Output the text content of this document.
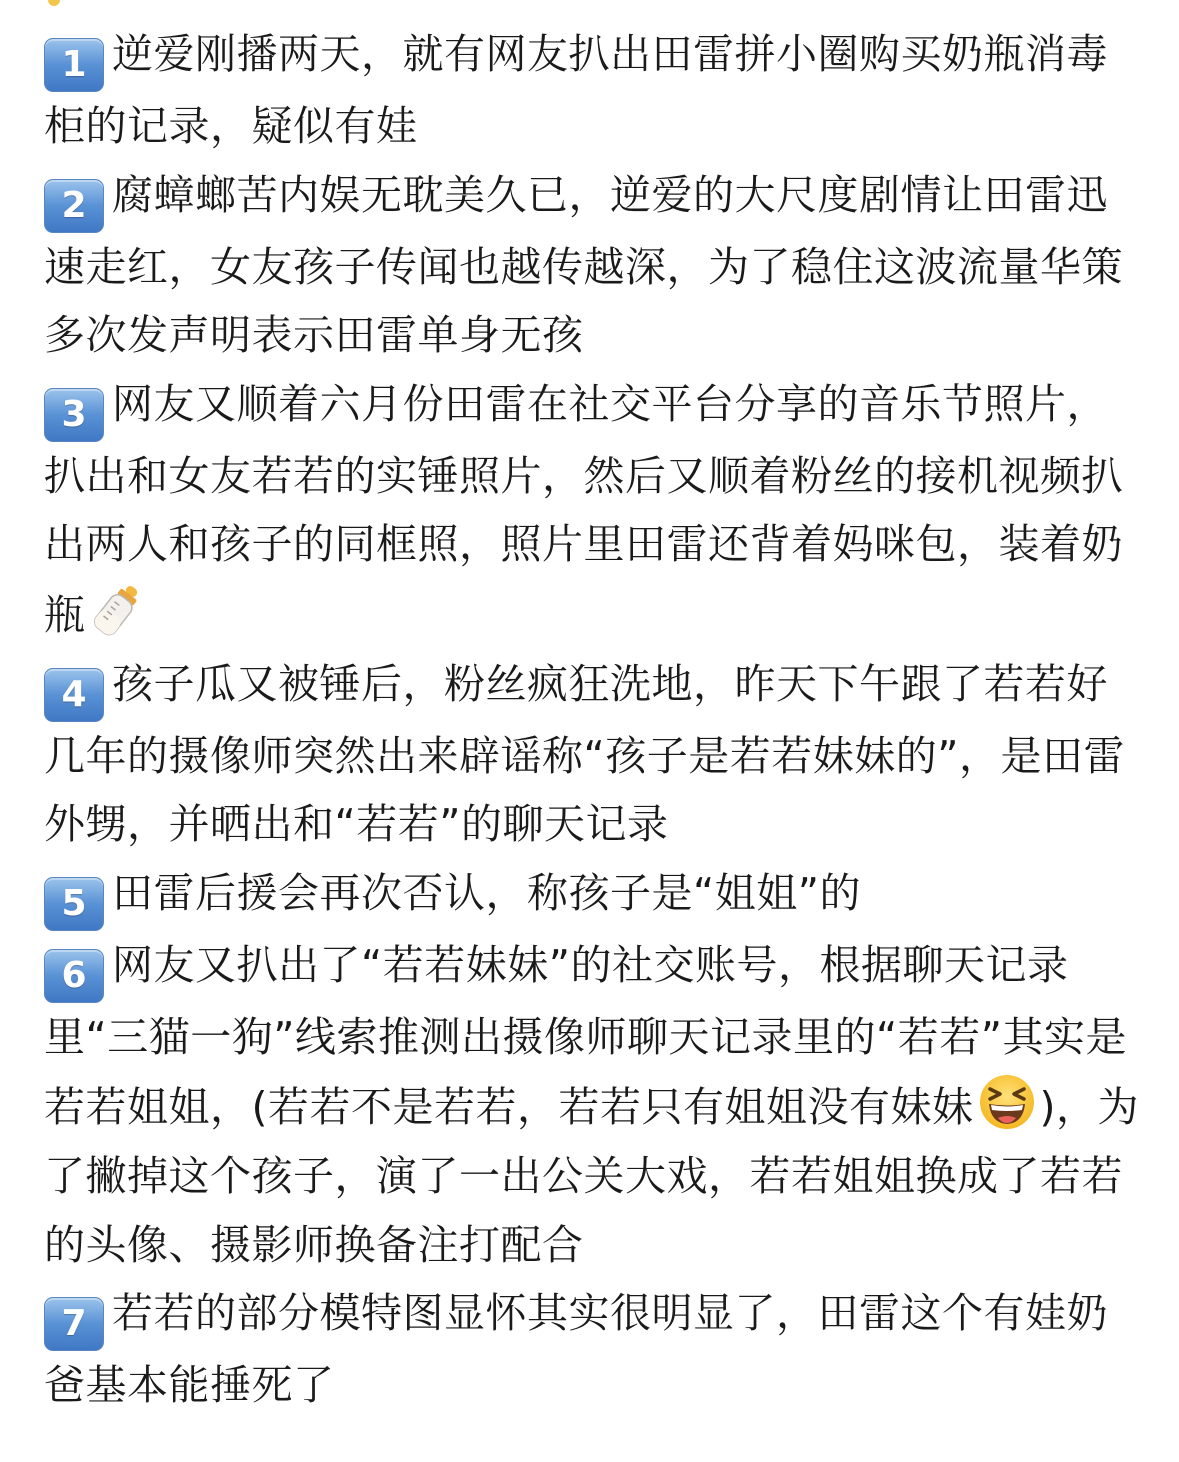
1 逆爱刚播两天，就有网友扒出田雷拼小圈购买奶瓶消毒柜的记录，疑似有娃
2 腐蟑螂苦内娱无耽美久已，逆爱的大尺度剧情让田雷迅速走红，女友孩子传闻也越传越深，为了稳住这波流量华策多次发声明表示田雷单身无孩
3 网友又顺着六月份田雷在社交平台分享的音乐节照片，扒出和女友若若的实锤照片，然后又顺着粉丝的接机视频扒出两人和孩子的同框照，照片里田雷还背着妈咪包，装着奶瓶
4 孩子瓜又被锤后，粉丝疯狂洗地，昨天下午跟了若若好几年的摄像师突然出来辟谣称“孩子是若若妹妹的”，是田雷外甥，并晒出和“若若”的聊天记录
5 田雷后援会再次否认，称孩子是“姐姐”的
6 网友又扒出了“若若妹妹”的社交账号，根据聊天记录里“三猫一狗”线索推测出摄像师聊天记录里的“若若”其实是若若姐姐，(若若不是若若，若若只有姐姐没有妹妹 )，为了撇掉这个孩子，演了一出公关大戏，若若姐姐换成了若若的头像、摄影师换备注打配合
7 若若的部分模特图显怀其实很明显了，田雷这个有娃奶爸基本能捶死了
